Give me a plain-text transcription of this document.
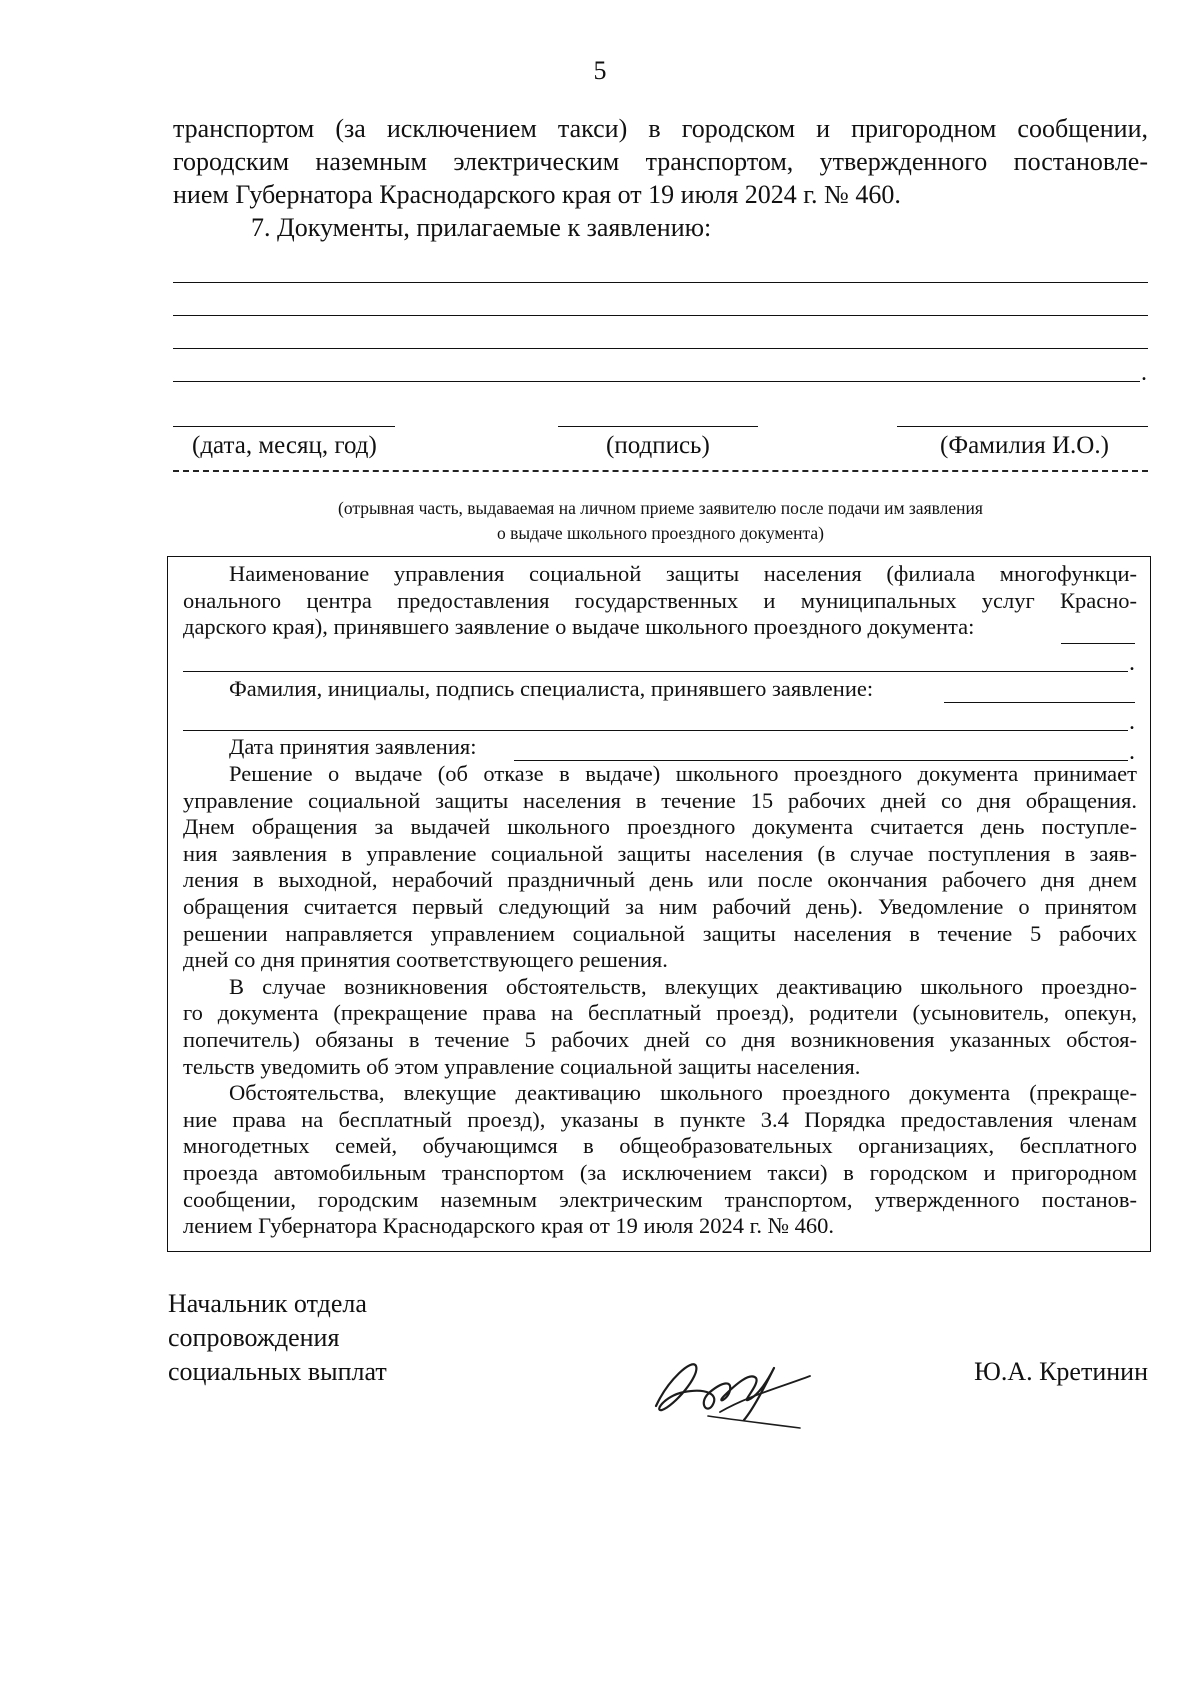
5
транспортом (за исключением такси) в городском и пригородном сообщении,
городским наземным электрическим транспортом, утвержденного постановле-
нием Губернатора Краснодарского края от 19 июля 2024 г. № 460.
7. Документы, прилагаемые к заявлению:
.
(дата, месяц, год)	(подпись)	(Фамилия И.О.)
(отрывная часть, выдаваемая на личном приеме заявителю после подачи им заявления
о выдаче школьного проездного документа)
Наименование управления социальной защиты населения (филиала многофункци-
онального центра предоставления государственных и муниципальных услуг Красно-
дарского края), принявшего заявление о выдаче школьного проездного документа:
.
Фамилия, инициалы, подпись специалиста, принявшего заявление:
.
Дата принятия заявления:	.
Решение о выдаче (об отказе в выдаче) школьного проездного документа принимает
управление социальной защиты населения в течение 15 рабочих дней со дня обращения.
Днем обращения за выдачей школьного проездного документа считается день поступле-
ния заявления в управление социальной защиты населения (в случае поступления в заяв-
ления в выходной, нерабочий праздничный день или после окончания рабочего дня днем
обращения считается первый следующий за ним рабочий день). Уведомление о принятом
решении направляется управлением социальной защиты населения в течение 5 рабочих
дней со дня принятия соответствующего решения.
В случае возникновения обстоятельств, влекущих деактивацию школьного проездно-
го документа (прекращение права на бесплатный проезд), родители (усыновитель, опекун,
попечитель) обязаны в течение 5 рабочих дней со дня возникновения указанных обстоя-
тельств уведомить об этом управление социальной защиты населения.
Обстоятельства, влекущие деактивацию школьного проездного документа (прекраще-
ние права на бесплатный проезд), указаны в пункте 3.4 Порядка предоставления членам
многодетных семей, обучающимся в общеобразовательных организациях, бесплатного
проезда автомобильным транспортом (за исключением такси) в городском и пригородном
сообщении, городским наземным электрическим транспортом, утвержденного постанов-
лением Губернатора Краснодарского края от 19 июля 2024 г. № 460.
Начальник отдела
сопровождения
социальных выплат	Ю.А. Кретинин
